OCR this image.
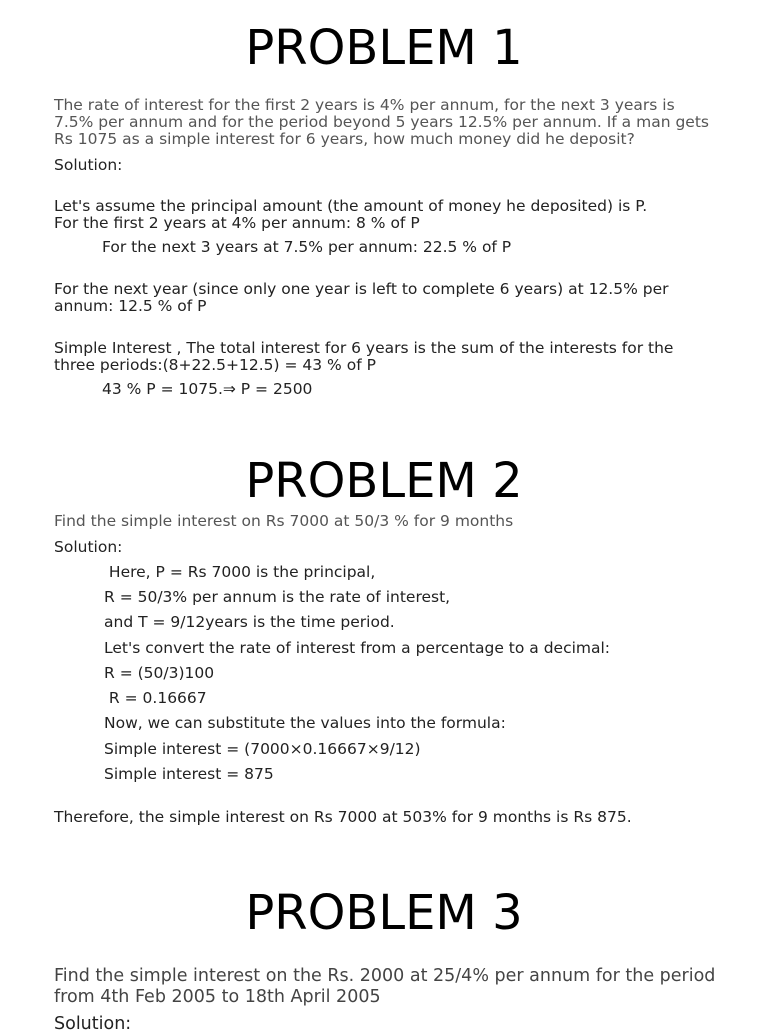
PROBLEM 1

The rate of interest for the first 2 years is 4% per annum, for the next 3 years is 7.5% per annum and for the period beyond 5 years 12.5% per annum. If a man gets Rs 1075 as a simple interest for 6 years, how much money did he deposit?

Solution:

Let's assume the principal amount (the amount of money he deposited) is P.
For the first 2 years at 4% per annum: 8 % of P

For the next 3 years at 7.5% per annum: 22.5 % of P

For the next year (since only one year is left to complete 6 years) at 12.5% per annum: 12.5 % of P

Simple Interest , The total interest for 6 years is the sum of the interests for the three periods:(8+22.5+12.5) = 43 % of P

43 % P = 1075.⇒ P = 2500

PROBLEM 2

Find the simple interest on Rs 7000 at 50/3 % for 9 months

Solution:

Here, P = Rs 7000 is the principal,

R = 50/3% per annum is the rate of interest,

and T = 9/12years is the time period.

Let's convert the rate of interest from a percentage to a decimal:

R = (50/3)100

R = 0.16667

Now, we can substitute the values into the formula:

Simple interest = (7000×0.16667×9/12)

Simple interest = 875

Therefore, the simple interest on Rs 7000 at 503% for 9 months is Rs 875.

PROBLEM 3

Find the simple interest on the Rs. 2000 at 25/4% per annum for the period from 4th Feb 2005 to 18th April 2005

Solution:
